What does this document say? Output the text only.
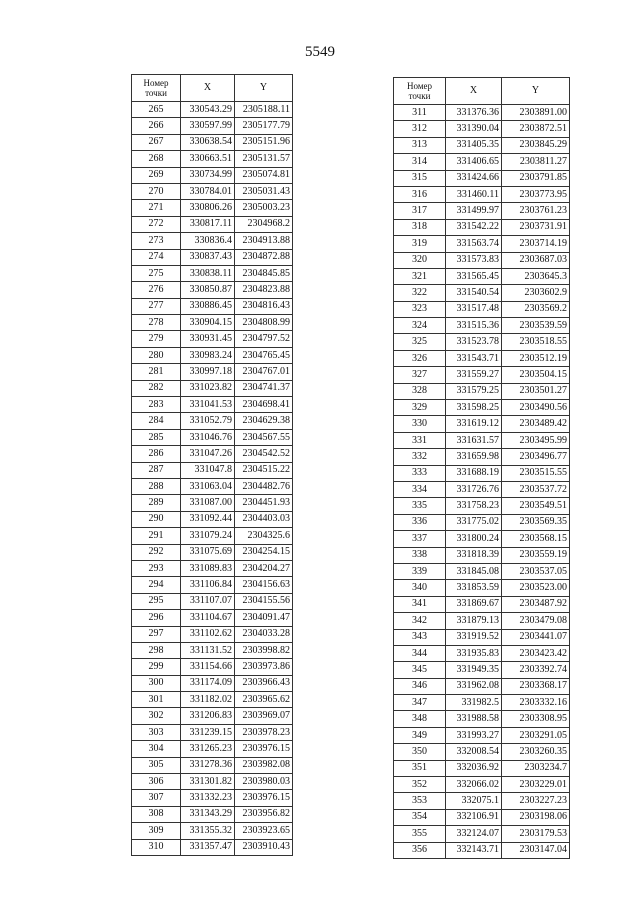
5549
Номер точки	X	Y
265	330543.29	2305188.11
266	330597.99	2305177.79
267	330638.54	2305151.96
268	330663.51	2305131.57
269	330734.99	2305074.81
270	330784.01	2305031.43
271	330806.26	2305003.23
272	330817.11	2304968.2
273	330836.4	2304913.88
274	330837.43	2304872.88
275	330838.11	2304845.85
276	330850.87	2304823.88
277	330886.45	2304816.43
278	330904.15	2304808.99
279	330931.45	2304797.52
280	330983.24	2304765.45
281	330997.18	2304767.01
282	331023.82	2304741.37
283	331041.53	2304698.41
284	331052.79	2304629.38
285	331046.76	2304567.55
286	331047.26	2304542.52
287	331047.8	2304515.22
288	331063.04	2304482.76
289	331087.00	2304451.93
290	331092.44	2304403.03
291	331079.24	2304325.6
292	331075.69	2304254.15
293	331089.83	2304204.27
294	331106.84	2304156.63
295	331107.07	2304155.56
296	331104.67	2304091.47
297	331102.62	2304033.28
298	331131.52	2303998.82
299	331154.66	2303973.86
300	331174.09	2303966.43
301	331182.02	2303965.62
302	331206.83	2303969.07
303	331239.15	2303978.23
304	331265.23	2303976.15
305	331278.36	2303982.08
306	331301.82	2303980.03
307	331332.23	2303976.15
308	331343.29	2303956.82
309	331355.32	2303923.65
310	331357.47	2303910.43
Номер точки	X	Y
311	331376.36	2303891.00
312	331390.04	2303872.51
313	331405.35	2303845.29
314	331406.65	2303811.27
315	331424.66	2303791.85
316	331460.11	2303773.95
317	331499.97	2303761.23
318	331542.22	2303731.91
319	331563.74	2303714.19
320	331573.83	2303687.03
321	331565.45	2303645.3
322	331540.54	2303602.9
323	331517.48	2303569.2
324	331515.36	2303539.59
325	331523.78	2303518.55
326	331543.71	2303512.19
327	331559.27	2303504.15
328	331579.25	2303501.27
329	331598.25	2303490.56
330	331619.12	2303489.42
331	331631.57	2303495.99
332	331659.98	2303496.77
333	331688.19	2303515.55
334	331726.76	2303537.72
335	331758.23	2303549.51
336	331775.02	2303569.35
337	331800.24	2303568.15
338	331818.39	2303559.19
339	331845.08	2303537.05
340	331853.59	2303523.00
341	331869.67	2303487.92
342	331879.13	2303479.08
343	331919.52	2303441.07
344	331935.83	2303423.42
345	331949.35	2303392.74
346	331962.08	2303368.17
347	331982.5	2303332.16
348	331988.58	2303308.95
349	331993.27	2303291.05
350	332008.54	2303260.35
351	332036.92	2303234.7
352	332066.02	2303229.01
353	332075.1	2303227.23
354	332106.91	2303198.06
355	332124.07	2303179.53
356	332143.71	2303147.04
